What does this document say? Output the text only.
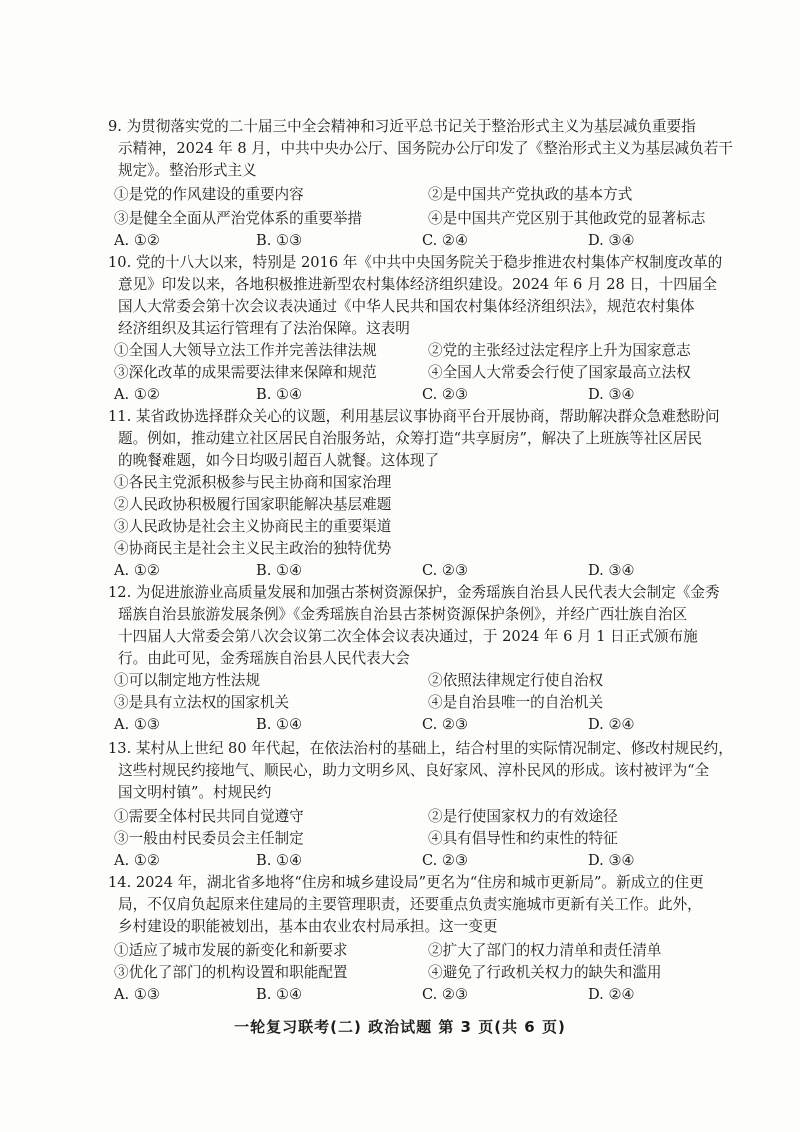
9. 为贯彻落实党的二十届三中全会精神和习近平总书记关于整治形式主义为基层减负重要指
示精神，2024 年 8 月，中共中央办公厅、国务院办公厅印发了《整治形式主义为基层减负若干
规定》。整治形式主义
①是党的作风建设的重要内容	②是中国共产党执政的基本方式
③是健全全面从严治党体系的重要举措	④是中国共产党区别于其他政党的显著标志
A. ①②	B. ①③	C. ②④	D. ③④
10. 党的十八大以来，特别是 2016 年《中共中央国务院关于稳步推进农村集体产权制度改革的
意见》印发以来，各地积极推进新型农村集体经济组织建设。2024 年 6 月 28 日，十四届全
国人大常委会第十次会议表决通过《中华人民共和国农村集体经济组织法》，规范农村集体
经济组织及其运行管理有了法治保障。这表明
①全国人大领导立法工作并完善法律法规	②党的主张经过法定程序上升为国家意志
③深化改革的成果需要法律来保障和规范	④全国人大常委会行使了国家最高立法权
A. ①②	B. ①④	C. ②③	D. ③④
11. 某省政协选择群众关心的议题，利用基层议事协商平台开展协商，帮助解决群众急难愁盼问
题。例如，推动建立社区居民自治服务站，众筹打造“共享厨房”，解决了上班族等社区居民
的晚餐难题，如今日均吸引超百人就餐。这体现了
①各民主党派积极参与民主协商和国家治理
②人民政协积极履行国家职能解决基层难题
③人民政协是社会主义协商民主的重要渠道
④协商民主是社会主义民主政治的独特优势
A. ①②	B. ①④	C. ②③	D. ③④
12. 为促进旅游业高质量发展和加强古茶树资源保护，金秀瑶族自治县人民代表大会制定《金秀
瑶族自治县旅游发展条例》《金秀瑶族自治县古茶树资源保护条例》，并经广西壮族自治区
十四届人大常委会第八次会议第二次全体会议表决通过，于 2024 年 6 月 1 日正式颁布施
行。由此可见，金秀瑶族自治县人民代表大会
①可以制定地方性法规	②依照法律规定行使自治权
③是具有立法权的国家机关	④是自治县唯一的自治机关
A. ①③	B. ①④	C. ②③	D. ②④
13. 某村从上世纪 80 年代起，在依法治村的基础上，结合村里的实际情况制定、修改村规民约，
这些村规民约接地气、顺民心，助力文明乡风、良好家风、淳朴民风的形成。该村被评为“全
国文明村镇”。村规民约
①需要全体村民共同自觉遵守	②是行使国家权力的有效途径
③一般由村民委员会主任制定	④具有倡导性和约束性的特征
A. ①②	B. ①④	C. ②③	D. ③④
14. 2024 年，湖北省多地将“住房和城乡建设局”更名为“住房和城市更新局”。新成立的住更
局，不仅肩负起原来住建局的主要管理职责，还要重点负责实施城市更新有关工作。此外，
乡村建设的职能被划出，基本由农业农村局承担。这一变更
①适应了城市发展的新变化和新要求	②扩大了部门的权力清单和责任清单
③优化了部门的机构设置和职能配置	④避免了行政机关权力的缺失和滥用
A. ①③	B. ①④	C. ②③	D. ②④
一轮复习联考(二) 政治试题 第 3 页(共 6 页)
